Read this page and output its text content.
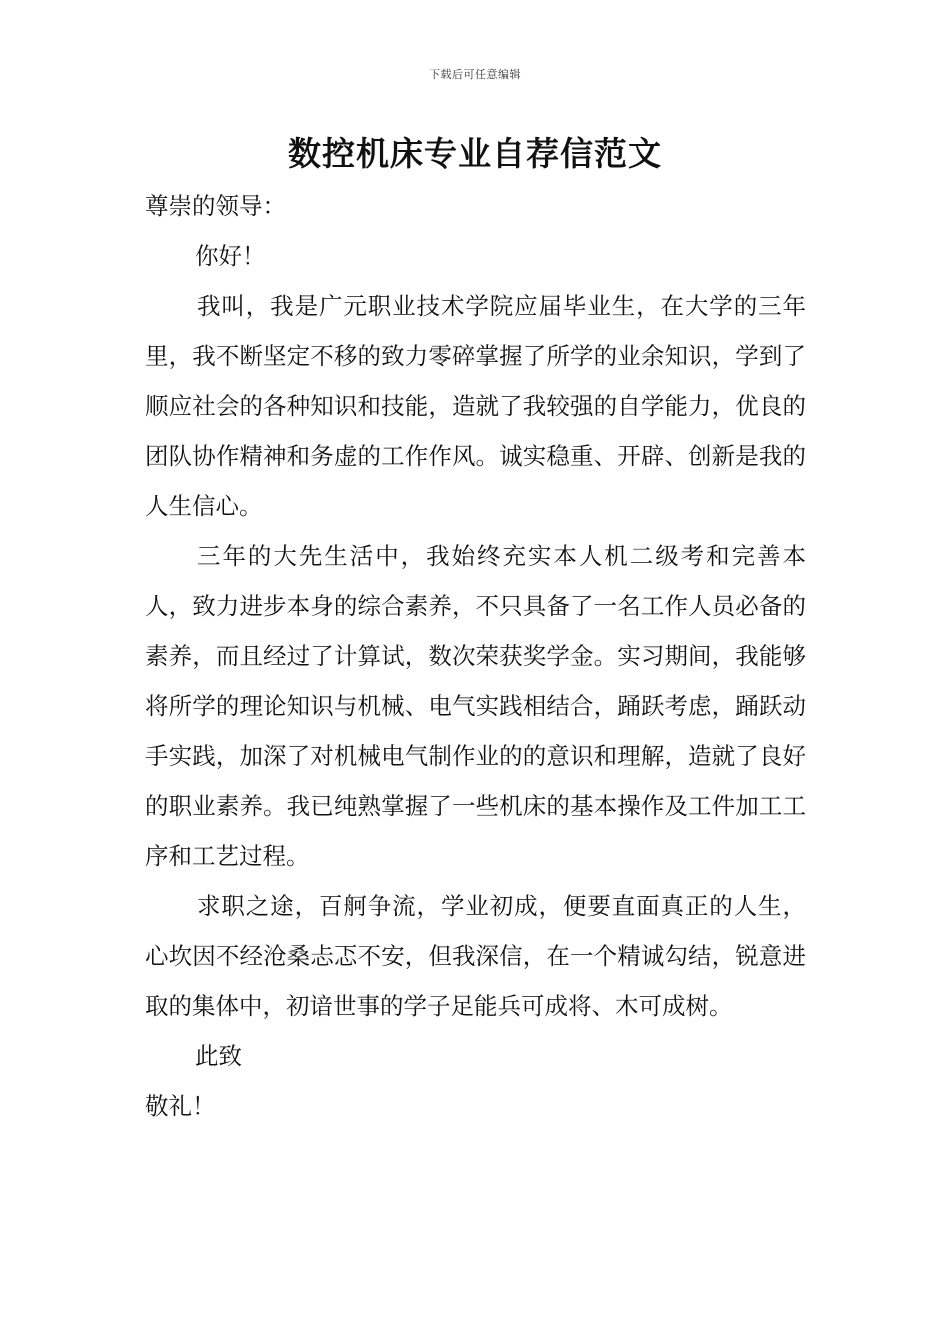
下载后可任意编辑
数控机床专业自荐信范文

尊崇的领导：

你好！

我叫，我是广元职业技术学院应届毕业生，在大学的三年里，我不断坚定不移的致力零碎掌握了所学的业余知识，学到了顺应社会的各种知识和技能，造就了我较强的自学能力，优良的团队协作精神和务虚的工作作风。诚实稳重、开辟、创新是我的人生信心。

三年的大先生活中，我始终充实本人机二级考和完善本人，致力进步本身的综合素养，不只具备了一名工作人员必备的素养，而且经过了计算试，数次荣获奖学金。实习期间，我能够将所学的理论知识与机械、电气实践相结合，踊跃考虑，踊跃动手实践，加深了对机械电气制作业的的意识和理解，造就了良好的职业素养。我已纯熟掌握了一些机床的基本操作及工件加工工序和工艺过程。

求职之途，百舸争流，学业初成，便要直面真正的人生，心坎因不经沧桑忐忑不安，但我深信，在一个精诚勾结，锐意进取的集体中，初谙世事的学子足能兵可成将、木可成树。

此致

敬礼！
